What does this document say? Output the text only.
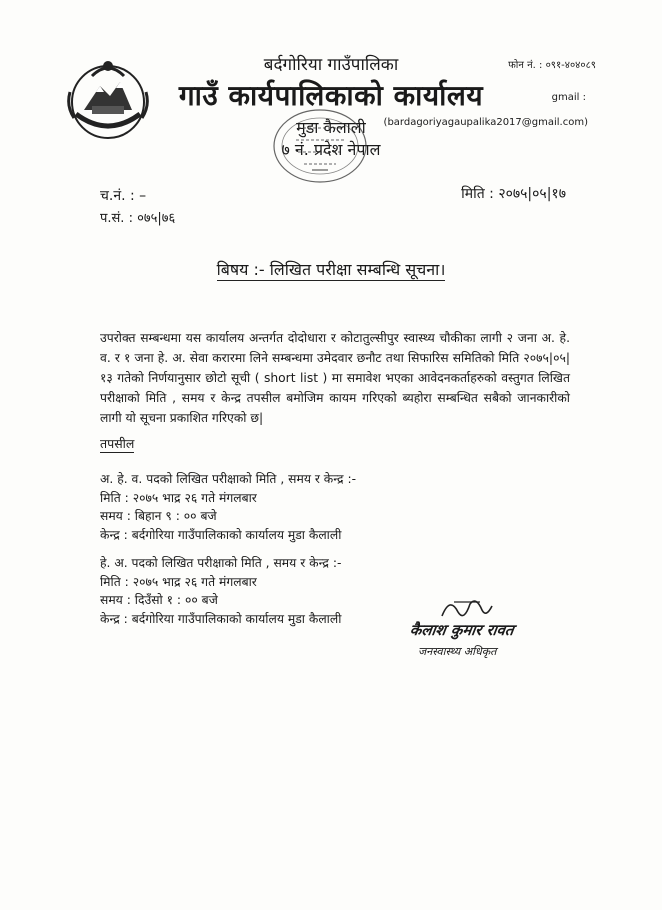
बर्दगोरिया गाउँपालिका
गाउँ कार्यपालिकाको कार्यालय
मुडा कैलाली
७ नं. प्रदेश नेपाल
फोन नं. : ०९१-४०४०८९
gmail :
(bardagoriyagaupalika2017@gmail.com)
च.नं. : –
प.सं. : ०७५|७६
मिति : २०७५|०५|१७
बिषय :- लिखित परीक्षा सम्बन्धि सूचना।
उपरोक्त सम्बन्धमा यस कार्यालय अन्तर्गत दोदोधारा र कोटातुल्सीपुर स्वास्थ्य चौकीका लागी २ जना अ. हे. व. र १ जना हे. अ. सेवा करारमा लिने सम्बन्धमा उमेदवार छनौट तथा सिफारिस समितिको मिति २०७५|०५|१३ गतेको निर्णयानुसार छोटो सूची ( short list ) मा समावेश भएका आवेदनकर्ताहरुको वस्तुगत लिखित परीक्षाको मिति , समय र केन्द्र तपसील बमोजिम कायम गरिएको ब्यहोरा सम्बन्धित सबैको जानकारीको लागी यो सूचना प्रकाशित गरिएको छ|
तपसील
अ. हे. व. पदको लिखित परीक्षाको मिति , समय र केन्द्र :-
मिति : २०७५ भाद्र २६ गते मंगलबार
समय : बिहान ९ : ०० बजे
केन्द्र : बर्दगोरिया गाउँपालिकाको कार्यालय मुडा कैलाली
हे. अ. पदको लिखित परीक्षाको मिति , समय र केन्द्र :-
मिति : २०७५ भाद्र २६ गते मंगलबार
समय : दिउँसो १ : ०० बजे
केन्द्र : बर्दगोरिया गाउँपालिकाको कार्यालय मुडा कैलाली
कैलाश कुमार रावत
जनस्वास्थ्य अधिकृत
